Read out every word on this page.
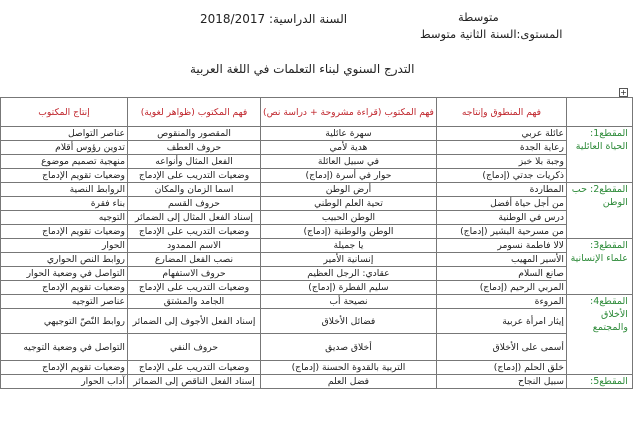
متوسطة
السنة الدراسية: 2018/2017
المستوى:السنة الثانية متوسط
التدرج السنوي لبناء التعلمات في اللغة العربية
+
	فهم المنطوق وإنتاجه	فهم المكتوب (قراءة مشروحة + دراسة نص)	فهم المكتوب (ظواهر لغوية)	إنتاج المكتوب
المقطع1: الحياة العائلية	عائلة عربي	سهرة عائلية	المقصور والمنقوص	عناصر التواصل
	رعاية الجدة	هدية لأمي	حروف العطف	تدوين رؤوس أقلام
	وجبة بلا خبز	في سبيل العائلة	الفعل المثال وأنواعه	منهجية تصميم موضوع
	ذكريات جدتي (إدماج)	حوار في أسرة (إدماج)	وضعيات التدريب على الإدماج	وضعيات تقويم الإدماج
المقطع2: حب الوطن	المطاردة	أرض الوطن	اسما الزمان والمكان	الروابط النصية
	من أجل حياة أفضل	تحية العلم الوطني	حروف القسم	بناء فقرة
	درس في الوطنية	الوطن الحبيب	إسناد الفعل المثال إلى الضمائر	التوجيه
	من مسرحية البشير (إدماج)	الوطن والوطنية (إدماج)	وضعيات التدريب على الإدماج	وضعيات تقويم الإدماج
المقطع3: علماء الإنسانية	لالا فاطمة نسومر	يا جميلة	الاسم الممدود	الحوار
	الأسير المهيب	إنسانية الأمير	نصب الفعل المضارع	روابط النص الحواري
	صانع السلام	عقادي: الرجل العظيم	حروف الاستفهام	التواصل في وضعية الحوار
	المربي الرحيم (إدماج)	سليم الفطرة (إدماج)	وضعيات التدريب على الإدماج	وضعيات تقويم الإدماج
المقطع4: الأخلاق والمجتمع	المروءة	نصيحة أب	الجامد والمشتق	عناصر التوجيه
	إيثار امرأة عربية	فضائل الأخلاق	إسناد الفعل الأجوف إلى الضمائر	روابط النّصّ التوجيهي
	أسمى على الأخلاق	أخلاق صديق	حروف النفي	التواصل في وضعية التوجيه
	خلق الحلم (إدماج)	التربية بالقدوة الحسنة (إدماج)	وضعيات التدريب على الإدماج	وضعيات تقويم الإدماج
المقطع5:	سبيل النجاح	فضل العلم	إسناد الفعل الناقص إلى الضمائر	آداب الحوار
